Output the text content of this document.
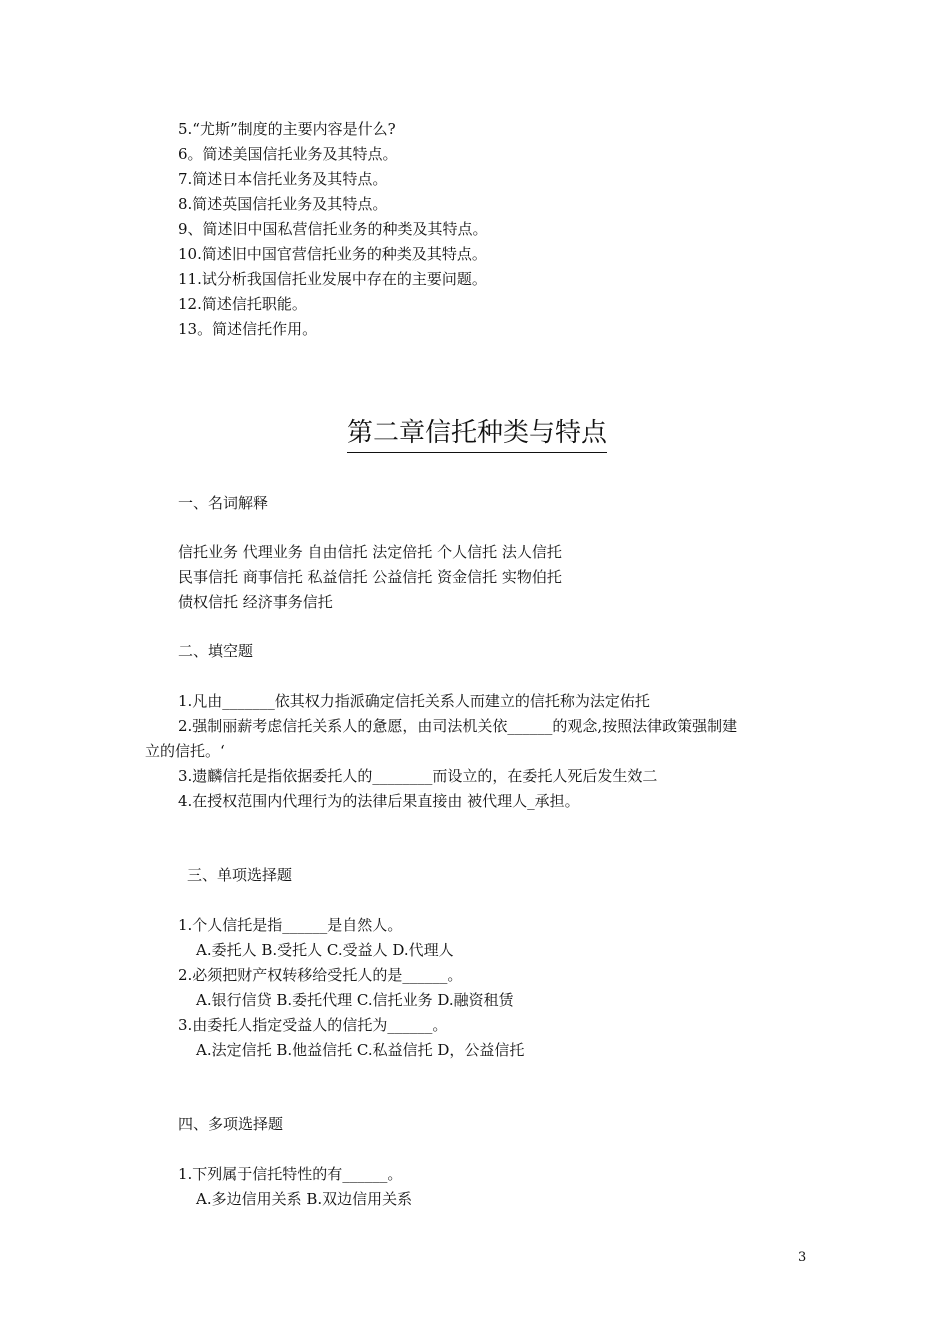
5.“尤斯”制度的主要内容是什么?
6。简述美国信托业务及其特点。
7.简述日本信托业务及其特点。
8.简述英国信托业务及其特点。
9、简述旧中国私营信托业务的种类及其特点。
10.简述旧中国官营信托业务的种类及其特点。
11.试分析我国信托业发展中存在的主要问题。
12.简述信托职能。
13。简述信托作用。
第二章信托种类与特点
一、名词解释
信托业务 代理业务 自由信托 法定倍托 个人信托 法人信托
民事信托 商事信托 私益信托 公益信托 资金信托 实物伯托
债权信托 经济事务信托
二、填空题
1.凡由_______依其权力指派确定信托关系人而建立的信托称为法定佑托
2.强制丽薪考虑信托关系人的惫愿，由司法机关依______的观念,按照法律政策强制建
立的信托。‘
3.遗麟信托是指依据委托人的________而设立的，在委托人死后发生效二
4.在授权范围内代理行为的法律后果直接由 被代理人_承担。
三、单项选择题
1.个人信托是指______是自然人。
A.委托人 B.受托人 C.受益人 D.代理人
2.必须把财产权转移给受托人的是______。
A.银行信贷 B.委托代理 C.信托业务 D.融资租赁
3.由委托人指定受益人的信托为______。
A.法定信托 B.他益信托 C.私益信托 D，公益信托
四、多项选择题
1.下列属于信托特性的有______。
A.多边信用关系 B.双边信用关系
3
